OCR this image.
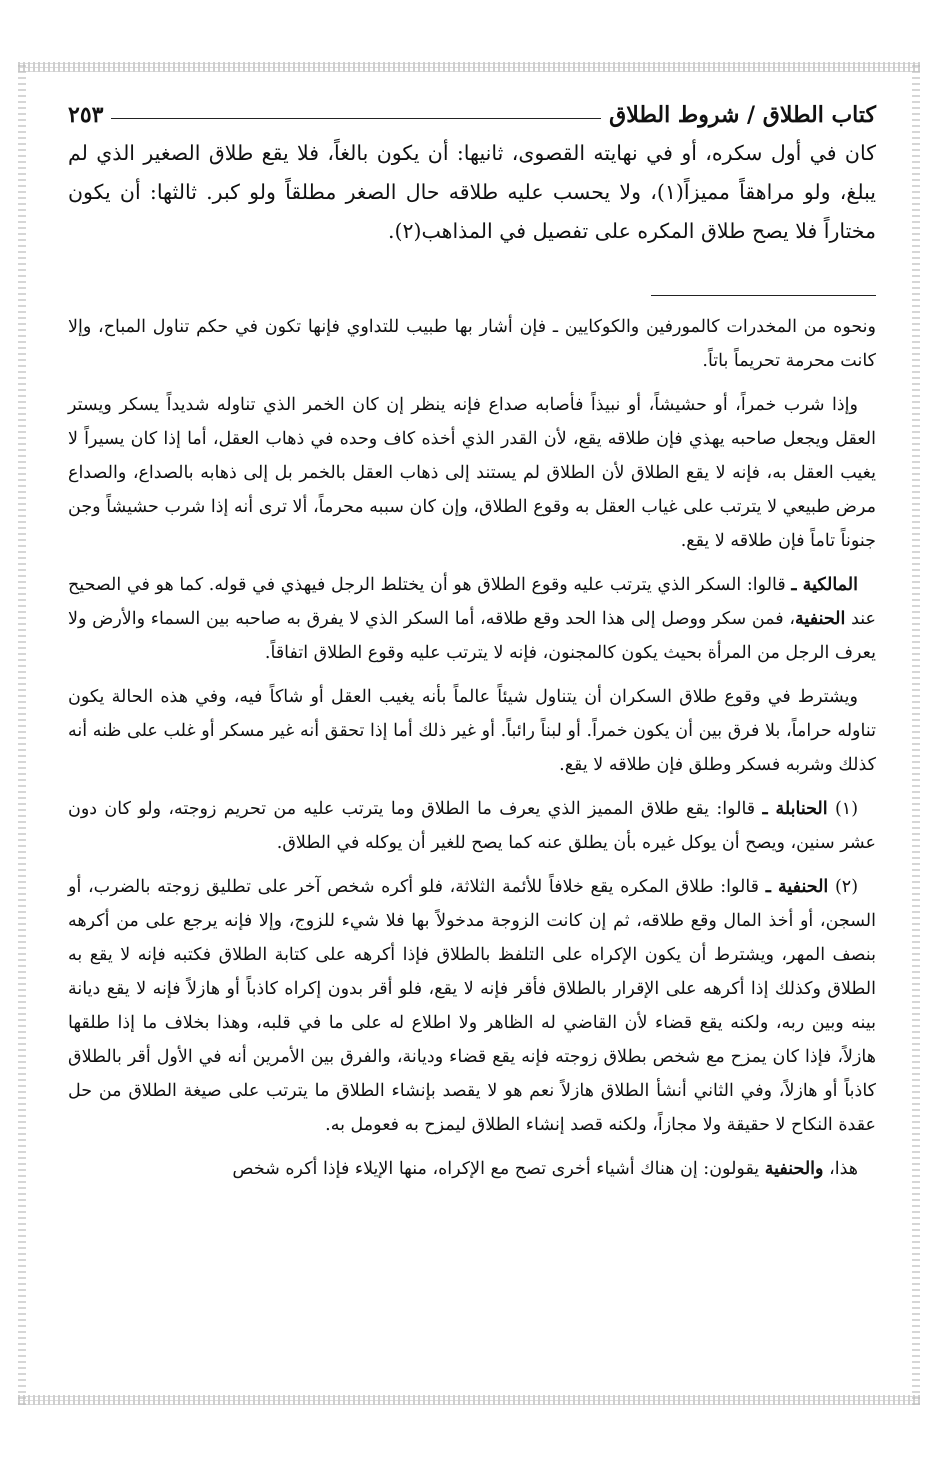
كتاب الطلاق / شروط الطلاق
٢٥٣

كان في أول سكره، أو في نهايته القصوى، ثانيها: أن يكون بالغاً، فلا يقع طلاق الصغير الذي لم يبلغ، ولو مراهقاً مميزاً(١)، ولا يحسب عليه طلاقه حال الصغر مطلقاً ولو كبر. ثالثها: أن يكون مختاراً فلا يصح طلاق المكره على تفصيل في المذاهب(٢).

ونحوه من المخدرات كالمورفين والكوكايين ـ فإن أشار بها طبيب للتداوي فإنها تكون في حكم تناول المباح، وإلا كانت محرمة تحريماً باتاً.

وإذا شرب خمراً، أو حشيشاً، أو نبيذاً فأصابه صداع فإنه ينظر إن كان الخمر الذي تناوله شديداً يسكر ويستر العقل ويجعل صاحبه يهذي فإن طلاقه يقع، لأن القدر الذي أخذه كاف وحده في ذهاب العقل، أما إذا كان يسيراً لا يغيب العقل به، فإنه لا يقع الطلاق لأن الطلاق لم يستند إلى ذهاب العقل بالخمر بل إلى ذهابه بالصداع، والصداع مرض طبيعي لا يترتب على غياب العقل به وقوع الطلاق، وإن كان سببه محرماً، ألا ترى أنه إذا شرب حشيشاً وجن جنوناً تاماً فإن طلاقه لا يقع.

المالكية ـ قالوا: السكر الذي يترتب عليه وقوع الطلاق هو أن يختلط الرجل فيهذي في قوله. كما هو في الصحيح عند الحنفية، فمن سكر ووصل إلى هذا الحد وقع طلاقه، أما السكر الذي لا يفرق به صاحبه بين السماء والأرض ولا يعرف الرجل من المرأة بحيث يكون كالمجنون، فإنه لا يترتب عليه وقوع الطلاق اتفاقاً.

ويشترط في وقوع طلاق السكران أن يتناول شيئاً عالماً بأنه يغيب العقل أو شاكاً فيه، وفي هذه الحالة يكون تناوله حراماً، بلا فرق بين أن يكون خمراً. أو لبناً رائباً. أو غير ذلك أما إذا تحقق أنه غير مسكر أو غلب على ظنه أنه كذلك وشربه فسكر وطلق فإن طلاقه لا يقع.

(١) الحنابلة ـ قالوا: يقع طلاق المميز الذي يعرف ما الطلاق وما يترتب عليه من تحريم زوجته، ولو كان دون عشر سنين، ويصح أن يوكل غيره بأن يطلق عنه كما يصح للغير أن يوكله في الطلاق.

(٢) الحنفية ـ قالوا: طلاق المكره يقع خلافاً للأئمة الثلاثة، فلو أكره شخص آخر على تطليق زوجته بالضرب، أو السجن، أو أخذ المال وقع طلاقه، ثم إن كانت الزوجة مدخولاً بها فلا شيء للزوج، وإلا فإنه يرجع على من أكرهه بنصف المهر، ويشترط أن يكون الإكراه على التلفظ بالطلاق فإذا أكرهه على كتابة الطلاق فكتبه فإنه لا يقع به الطلاق وكذلك إذا أكرهه على الإقرار بالطلاق فأقر فإنه لا يقع، فلو أقر بدون إكراه كاذباً أو هازلاً فإنه لا يقع ديانة بينه وبين ربه، ولكنه يقع قضاء لأن القاضي له الظاهر ولا اطلاع له على ما في قلبه، وهذا بخلاف ما إذا طلقها هازلاً، فإذا كان يمزح مع شخص بطلاق زوجته فإنه يقع قضاء وديانة، والفرق بين الأمرين أنه في الأول أقر بالطلاق كاذباً أو هازلاً، وفي الثاني أنشأ الطلاق هازلاً نعم هو لا يقصد بإنشاء الطلاق ما يترتب على صيغة الطلاق من حل عقدة النكاح لا حقيقة ولا مجازاً، ولكنه قصد إنشاء الطلاق ليمزح به فعومل به.

هذا، والحنفية يقولون: إن هناك أشياء أخرى تصح مع الإكراه، منها الإيلاء فإذا أكره شخص
